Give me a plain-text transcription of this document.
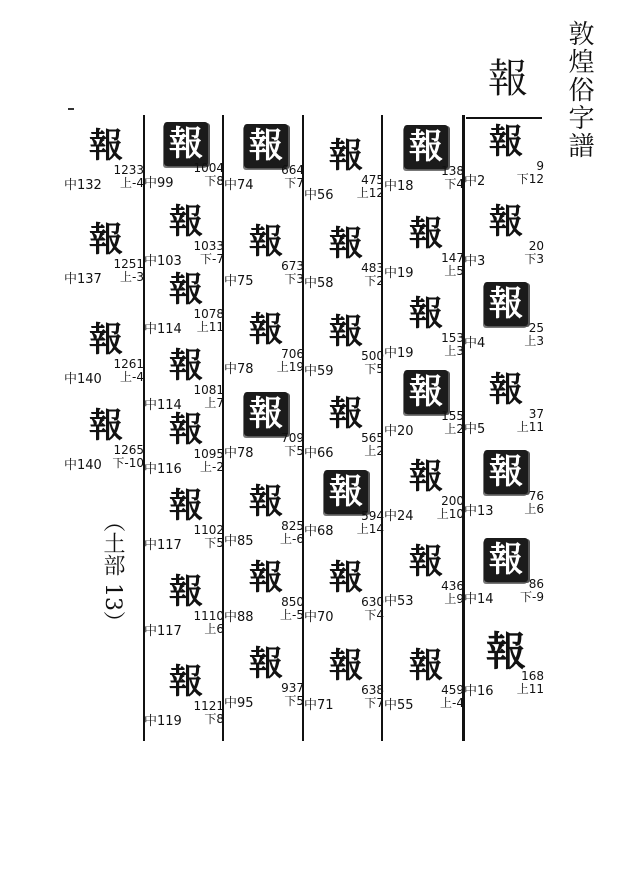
敦煌俗字譜
報
報
中2
9
下12
報
中3
20
下3
報
中4
25
上3
報
中5
37
上11
報
中13
76
上6
報
中14
86
下-9
報
中16
168
上11
報
中18
138
下4
報
中19
147
上5
報
中19
153
上3
報
中20
155
上2
報
中24
200
上10
報
中53
436
上9
報
中55
459
上-4
報
中56
475
上12
報
中58
483
下2
報
中59
500
下5
報
中66
565
上2
報
中68
594
上14
報
中70
630
下4
報
中71
638
下7
報
中74
664
下7
報
中75
673
下3
報
中78
706
上19
報
中78
709
下5
報
中85
825
上-6
報
中88
850
上-5
報
中95
937
下5
報
中99
1004
下8
報
中103
1033
下-7
報
中114
1078
上11
報
中114
1081
上7
報
中116
1095
上-2
報
中117
1102
下5
報
中117
1110
上6
報
中119
1121
下8
報
中132
1233
上-4
報
中137
1251
上-3
報
中140
1261
上-4
報
中140
1265
下-10
（土部 13）
